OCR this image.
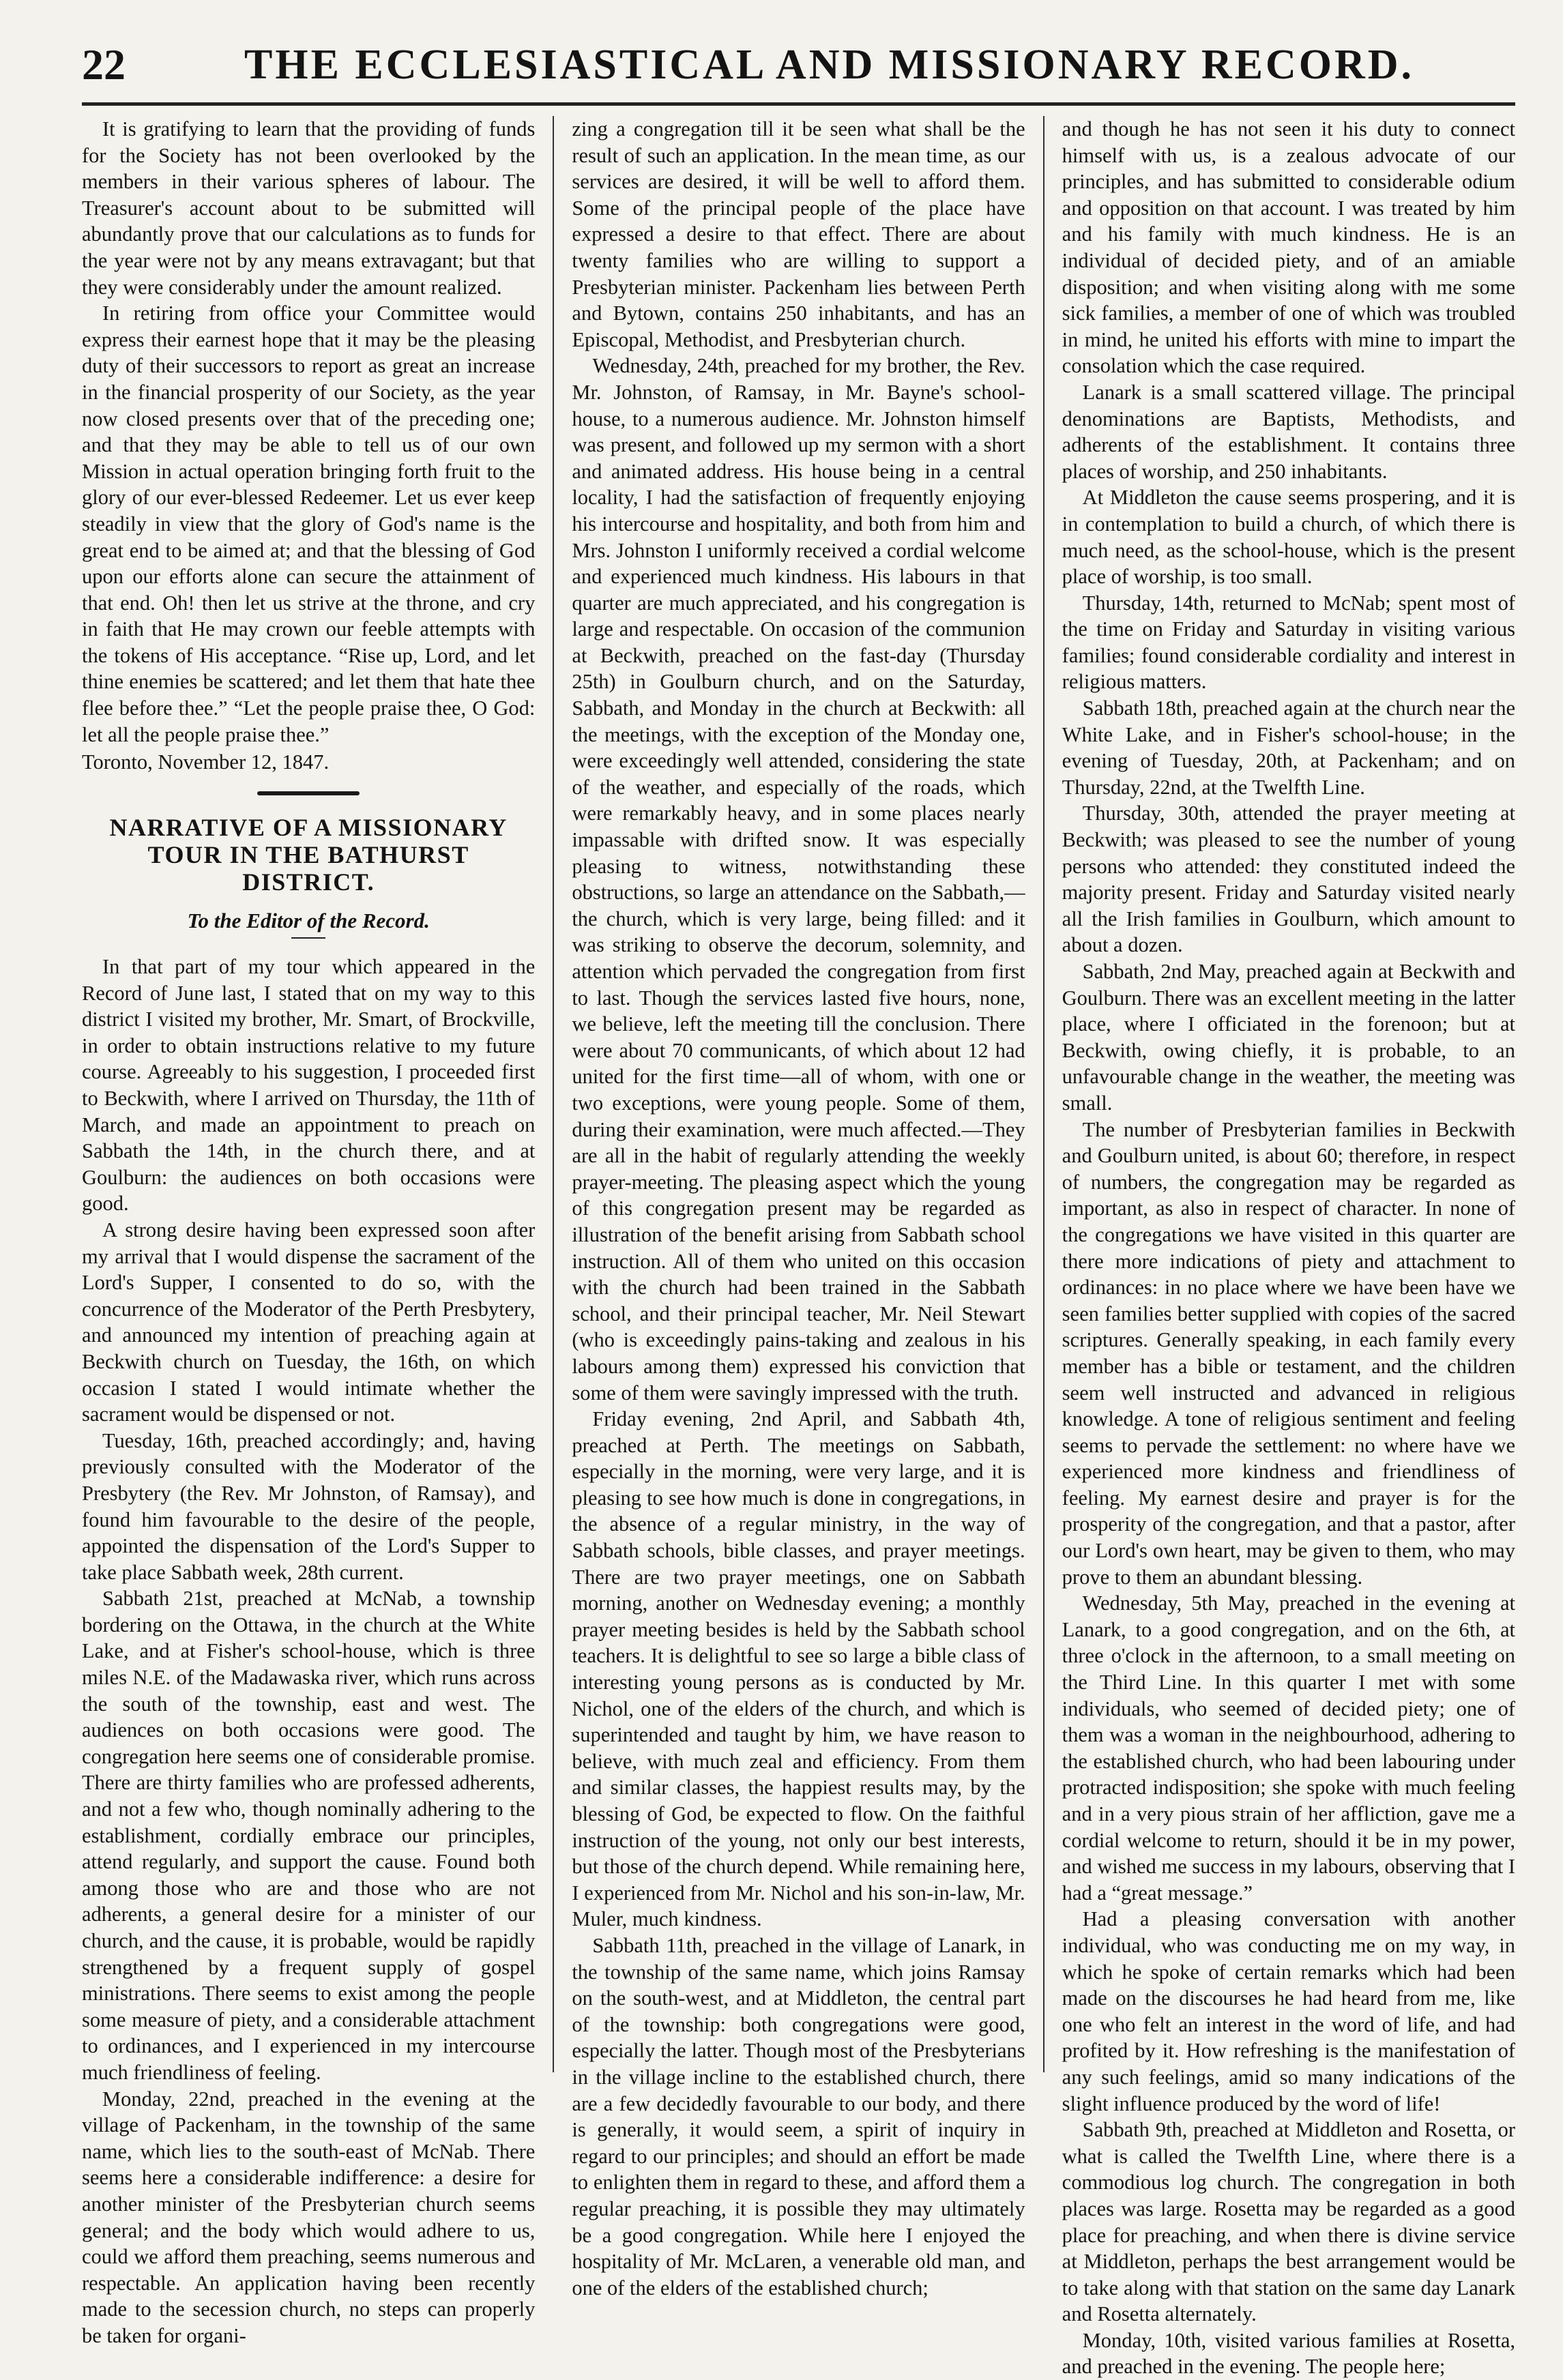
22	THE ECCLESIASTICAL AND MISSIONARY RECORD.

It is gratifying to learn that the providing of funds for the Society has not been overlooked by the members in their various spheres of labour. The Treasurer's account about to be submitted will abundantly prove that our calculations as to funds for the year were not by any means extravagant; but that they were considerably under the amount realized.

In retiring from office your Committee would express their earnest hope that it may be the pleasing duty of their successors to report as great an increase in the financial prosperity of our Society, as the year now closed presents over that of the preceding one; and that they may be able to tell us of our own Mission in actual operation bringing forth fruit to the glory of our ever-blessed Redeemer. Let us ever keep steadily in view that the glory of God's name is the great end to be aimed at; and that the blessing of God upon our efforts alone can secure the attainment of that end. Oh! then let us strive at the throne, and cry in faith that He may crown our feeble attempts with the tokens of His acceptance. “Rise up, Lord, and let thine enemies be scattered; and let them that hate thee flee before thee.” “Let the people praise thee, O God: let all the people praise thee.”

Toronto, November 12, 1847.

NARRATIVE OF A MISSIONARY TOUR IN THE BATHURST DISTRICT.

To the Editor of the Record.

In that part of my tour which appeared in the Record of June last, I stated that on my way to this district I visited my brother, Mr. Smart, of Brockville, in order to obtain instructions relative to my future course. Agreeably to his suggestion, I proceeded first to Beckwith, where I arrived on Thursday, the 11th of March, and made an appointment to preach on Sabbath the 14th, in the church there, and at Goulburn: the audiences on both occasions were good.

A strong desire having been expressed soon after my arrival that I would dispense the sacrament of the Lord's Supper, I consented to do so, with the concurrence of the Moderator of the Perth Presbytery, and announced my intention of preaching again at Beckwith church on Tuesday, the 16th, on which occasion I stated I would intimate whether the sacrament would be dispensed or not.

Tuesday, 16th, preached accordingly; and, having previously consulted with the Moderator of the Presbytery (the Rev. Mr Johnston, of Ramsay), and found him favourable to the desire of the people, appointed the dispensation of the Lord's Supper to take place Sabbath week, 28th current.

Sabbath 21st, preached at McNab, a township bordering on the Ottawa, in the church at the White Lake, and at Fisher's school-house, which is three miles N.E. of the Madawaska river, which runs across the south of the township, east and west. The audiences on both occasions were good. The congregation here seems one of considerable promise. There are thirty families who are professed adherents, and not a few who, though nominally adhering to the establishment, cordially embrace our principles, attend regularly, and support the cause. Found both among those who are and those who are not adherents, a general desire for a minister of our church, and the cause, it is probable, would be rapidly strengthened by a frequent supply of gospel ministrations. There seems to exist among the people some measure of piety, and a considerable attachment to ordinances, and I experienced in my intercourse much friendliness of feeling.

Monday, 22nd, preached in the evening at the village of Packenham, in the township of the same name, which lies to the south-east of McNab. There seems here a considerable indifference: a desire for another minister of the Presbyterian church seems general; and the body which would adhere to us, could we afford them preaching, seems numerous and respectable. An application having been recently made to the secession church, no steps can properly be taken for organi-

zing a congregation till it be seen what shall be the result of such an application. In the mean time, as our services are desired, it will be well to afford them. Some of the principal people of the place have expressed a desire to that effect. There are about twenty families who are willing to support a Presbyterian minister. Packenham lies between Perth and Bytown, contains 250 inhabitants, and has an Episcopal, Methodist, and Presbyterian church.

Wednesday, 24th, preached for my brother, the Rev. Mr. Johnston, of Ramsay, in Mr. Bayne's school-house, to a numerous audience. Mr. Johnston himself was present, and followed up my sermon with a short and animated address. His house being in a central locality, I had the satisfaction of frequently enjoying his intercourse and hospitality, and both from him and Mrs. Johnston I uniformly received a cordial welcome and experienced much kindness. His labours in that quarter are much appreciated, and his congregation is large and respectable. On occasion of the communion at Beckwith, preached on the fast-day (Thursday 25th) in Goulburn church, and on the Saturday, Sabbath, and Monday in the church at Beckwith: all the meetings, with the exception of the Monday one, were exceedingly well attended, considering the state of the weather, and especially of the roads, which were remarkably heavy, and in some places nearly impassable with drifted snow. It was especially pleasing to witness, notwithstanding these obstructions, so large an attendance on the Sabbath,—the church, which is very large, being filled: and it was striking to observe the decorum, solemnity, and attention which pervaded the congregation from first to last. Though the services lasted five hours, none, we believe, left the meeting till the conclusion. There were about 70 communicants, of which about 12 had united for the first time—all of whom, with one or two exceptions, were young people. Some of them, during their examination, were much affected.—They are all in the habit of regularly attending the weekly prayer-meeting. The pleasing aspect which the young of this congregation present may be regarded as illustration of the benefit arising from Sabbath school instruction. All of them who united on this occasion with the church had been trained in the Sabbath school, and their principal teacher, Mr. Neil Stewart (who is exceedingly pains-taking and zealous in his labours among them) expressed his conviction that some of them were savingly impressed with the truth.

Friday evening, 2nd April, and Sabbath 4th, preached at Perth. The meetings on Sabbath, especially in the morning, were very large, and it is pleasing to see how much is done in congregations, in the absence of a regular ministry, in the way of Sabbath schools, bible classes, and prayer meetings. There are two prayer meetings, one on Sabbath morning, another on Wednesday evening; a monthly prayer meeting besides is held by the Sabbath school teachers. It is delightful to see so large a bible class of interesting young persons as is conducted by Mr. Nichol, one of the elders of the church, and which is superintended and taught by him, we have reason to believe, with much zeal and efficiency. From them and similar classes, the happiest results may, by the blessing of God, be expected to flow. On the faithful instruction of the young, not only our best interests, but those of the church depend. While remaining here, I experienced from Mr. Nichol and his son-in-law, Mr. Muler, much kindness.

Sabbath 11th, preached in the village of Lanark, in the township of the same name, which joins Ramsay on the south-west, and at Middleton, the central part of the township: both congregations were good, especially the latter. Though most of the Presbyterians in the village incline to the established church, there are a few decidedly favourable to our body, and there is generally, it would seem, a spirit of inquiry in regard to our principles; and should an effort be made to enlighten them in regard to these, and afford them a regular preaching, it is possible they may ultimately be a good congregation. While here I enjoyed the hospitality of Mr. McLaren, a venerable old man, and one of the elders of the established church;

and though he has not seen it his duty to connect himself with us, is a zealous advocate of our principles, and has submitted to considerable odium and opposition on that account. I was treated by him and his family with much kindness. He is an individual of decided piety, and of an amiable disposition; and when visiting along with me some sick families, a member of one of which was troubled in mind, he united his efforts with mine to impart the consolation which the case required.

Lanark is a small scattered village. The principal denominations are Baptists, Methodists, and adherents of the establishment. It contains three places of worship, and 250 inhabitants.

At Middleton the cause seems prospering, and it is in contemplation to build a church, of which there is much need, as the school-house, which is the present place of worship, is too small.

Thursday, 14th, returned to McNab; spent most of the time on Friday and Saturday in visiting various families; found considerable cordiality and interest in religious matters.

Sabbath 18th, preached again at the church near the White Lake, and in Fisher's school-house; in the evening of Tuesday, 20th, at Packenham; and on Thursday, 22nd, at the Twelfth Line.

Thursday, 30th, attended the prayer meeting at Beckwith; was pleased to see the number of young persons who attended: they constituted indeed the majority present. Friday and Saturday visited nearly all the Irish families in Goulburn, which amount to about a dozen.

Sabbath, 2nd May, preached again at Beckwith and Goulburn. There was an excellent meeting in the latter place, where I officiated in the forenoon; but at Beckwith, owing chiefly, it is probable, to an unfavourable change in the weather, the meeting was small.

The number of Presbyterian families in Beckwith and Goulburn united, is about 60; therefore, in respect of numbers, the congregation may be regarded as important, as also in respect of character. In none of the congregations we have visited in this quarter are there more indications of piety and attachment to ordinances: in no place where we have been have we seen families better supplied with copies of the sacred scriptures. Generally speaking, in each family every member has a bible or testament, and the children seem well instructed and advanced in religious knowledge. A tone of religious sentiment and feeling seems to pervade the settlement: no where have we experienced more kindness and friendliness of feeling. My earnest desire and prayer is for the prosperity of the congregation, and that a pastor, after our Lord's own heart, may be given to them, who may prove to them an abundant blessing.

Wednesday, 5th May, preached in the evening at Lanark, to a good congregation, and on the 6th, at three o'clock in the afternoon, to a small meeting on the Third Line. In this quarter I met with some individuals, who seemed of decided piety; one of them was a woman in the neighbourhood, adhering to the established church, who had been labouring under protracted indisposition; she spoke with much feeling and in a very pious strain of her affliction, gave me a cordial welcome to return, should it be in my power, and wished me success in my labours, observing that I had a “great message.”

Had a pleasing conversation with another individual, who was conducting me on my way, in which he spoke of certain remarks which had been made on the discourses he had heard from me, like one who felt an interest in the word of life, and had profited by it. How refreshing is the manifestation of any such feelings, amid so many indications of the slight influence produced by the word of life!

Sabbath 9th, preached at Middleton and Rosetta, or what is called the Twelfth Line, where there is a commodious log church. The congregation in both places was large. Rosetta may be regarded as a good place for preaching, and when there is divine service at Middleton, perhaps the best arrangement would be to take along with that station on the same day Lanark and Rosetta alternately.

Monday, 10th, visited various families at Rosetta, and preached in the evening. The people here;
